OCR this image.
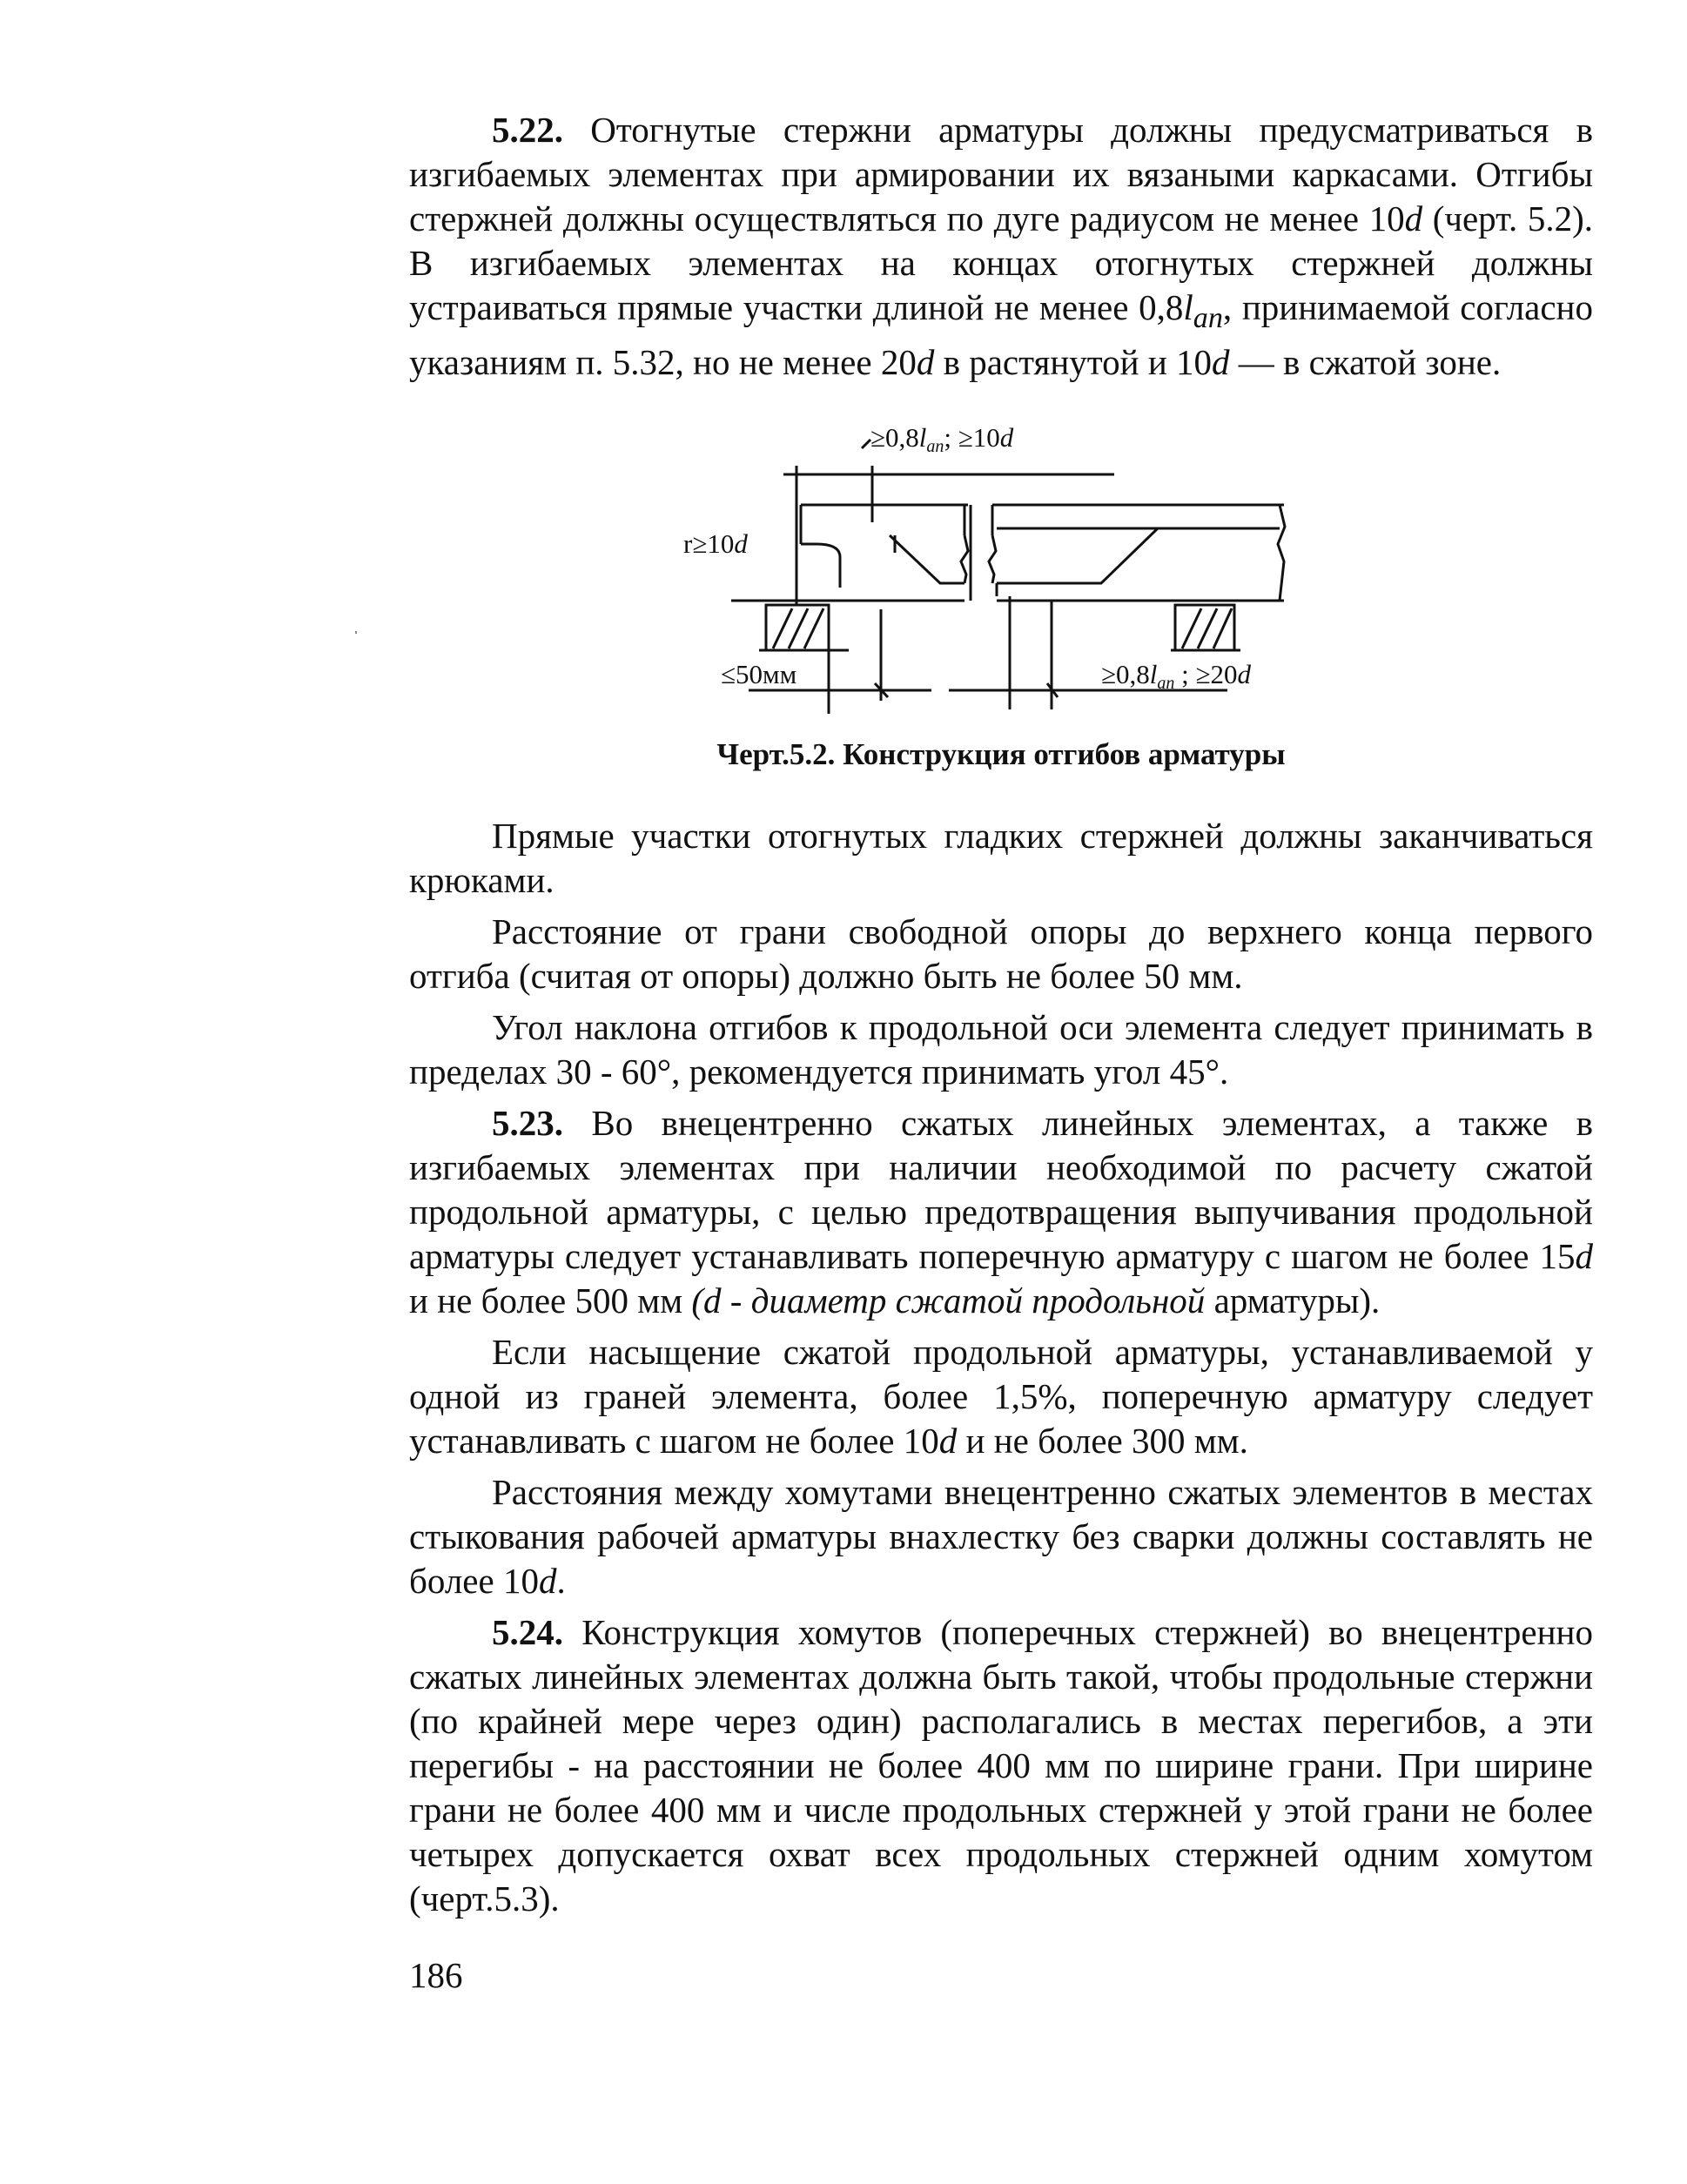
5.22. Отогнутые стержни арматуры должны предусматриваться в изгибаемых элементах при армировании их вязаными каркасами. Отгибы стержней должны осуществляться по дуге радиусом не менее 10d (черт. 5.2). В изгибаемых элементах на концах отогнутых стержней должны устраиваться прямые участки длиной не менее $0,8l_{an}$, принимаемой согласно указаниям п. 5.32, но не менее 20d в растянутой и 10d — в сжатой зоне.

≥0,8lan; ≥10d
r≥10d
≤50мм	≥0,8lan ; ≥20d
Черт.5.2. Конструкция отгибов арматуры

Прямые участки отогнутых гладких стержней должны заканчиваться крюками.

Расстояние от грани свободной опоры до верхнего конца первого отгиба (считая от опоры) должно быть не более 50 мм.

Угол наклона отгибов к продольной оси элемента следует принимать в пределах 30 - 60°, рекомендуется принимать угол 45°.

5.23. Во внецентренно сжатых линейных элементах, а также в изгибаемых элементах при наличии необходимой по расчету сжатой продольной арматуры, с целью предотвращения выпучивания продольной арматуры следует устанавливать поперечную арматуру с шагом не более 15d и не более 500 мм (d - диаметр сжатой продольной арматуры).

Если насыщение сжатой продольной арматуры, устанавливаемой у одной из граней элемента, более 1,5%, поперечную арматуру следует устанавливать с шагом не более 10d и не более 300 мм.

Расстояния между хомутами внецентренно сжатых элементов в местах стыкования рабочей арматуры внахлестку без сварки должны составлять не более 10d.

5.24. Конструкция хомутов (поперечных стержней) во внецентренно сжатых линейных элементах должна быть такой, чтобы продольные стержни (по крайней мере через один) располагались в местах перегибов, а эти перегибы - на расстоянии не более 400 мм по ширине грани. При ширине грани не более 400 мм и числе продольных стержней у этой грани не более четырех допускается охват всех продольных стержней одним хомутом (черт.5.3).

186
